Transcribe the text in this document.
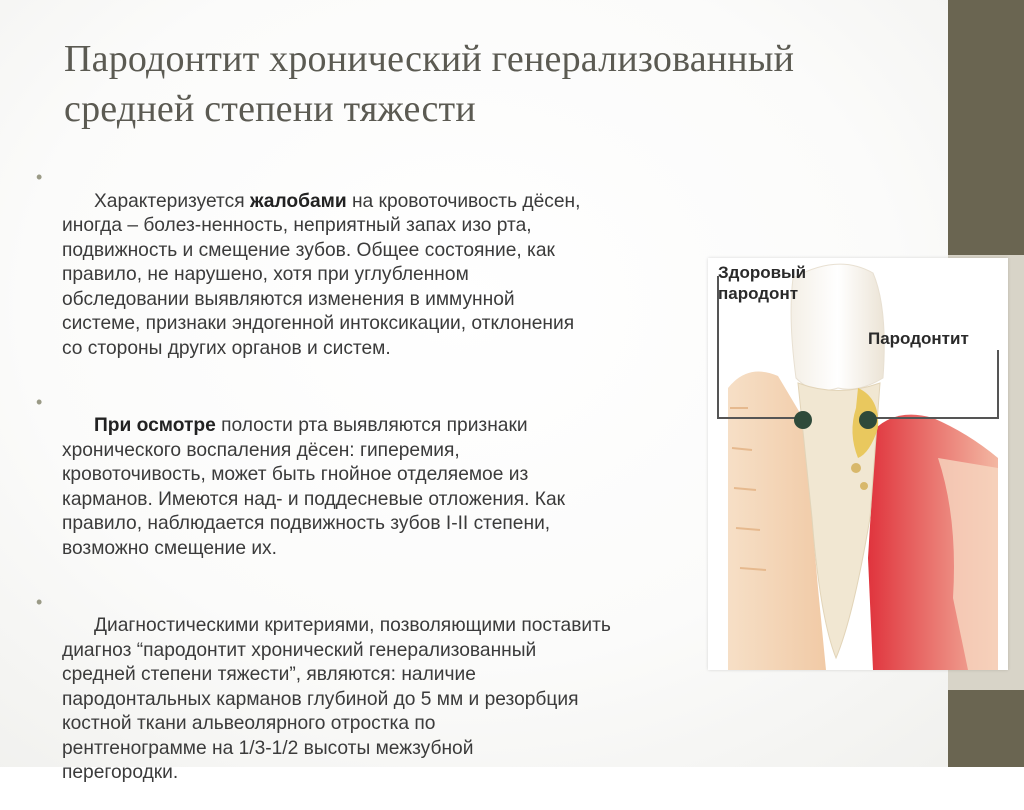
Пародонтит хронический генерализованный
средней степени тяжести

•
Характеризуется жалобами на кровоточивость дёсен,
иногда – болез-ненность, неприятный запах изо рта,
подвижность и смещение зубов. Общее состояние, как
правило, не нарушено, хотя при углубленном
обследовании выявляются изменения в иммунной
системе, признаки эндогенной интоксикации, отклонения
со стороны других органов и систем.

•
При осмотре полости рта выявляются признаки
хронического воспаления дёсен: гиперемия,
кровоточивость, может быть гнойное отделяемое из
карманов. Имеются над- и поддесневые отложения. Как
правило, наблюдается подвижность зубов I-II степени,
возможно смещение их.

•
Диагностическими критериями, позволяющими поставить
диагноз “пародонтит хронический генерализованный
средней степени тяжести”, являются: наличие
пародонтальных карманов глубиной до 5 мм и резорбция
костной ткани альвеолярного отростка по
рентгенограмме на 1/3-1/2 высоты межзубной
перегородки.

Здоровый
пародонт
Пародонтит
